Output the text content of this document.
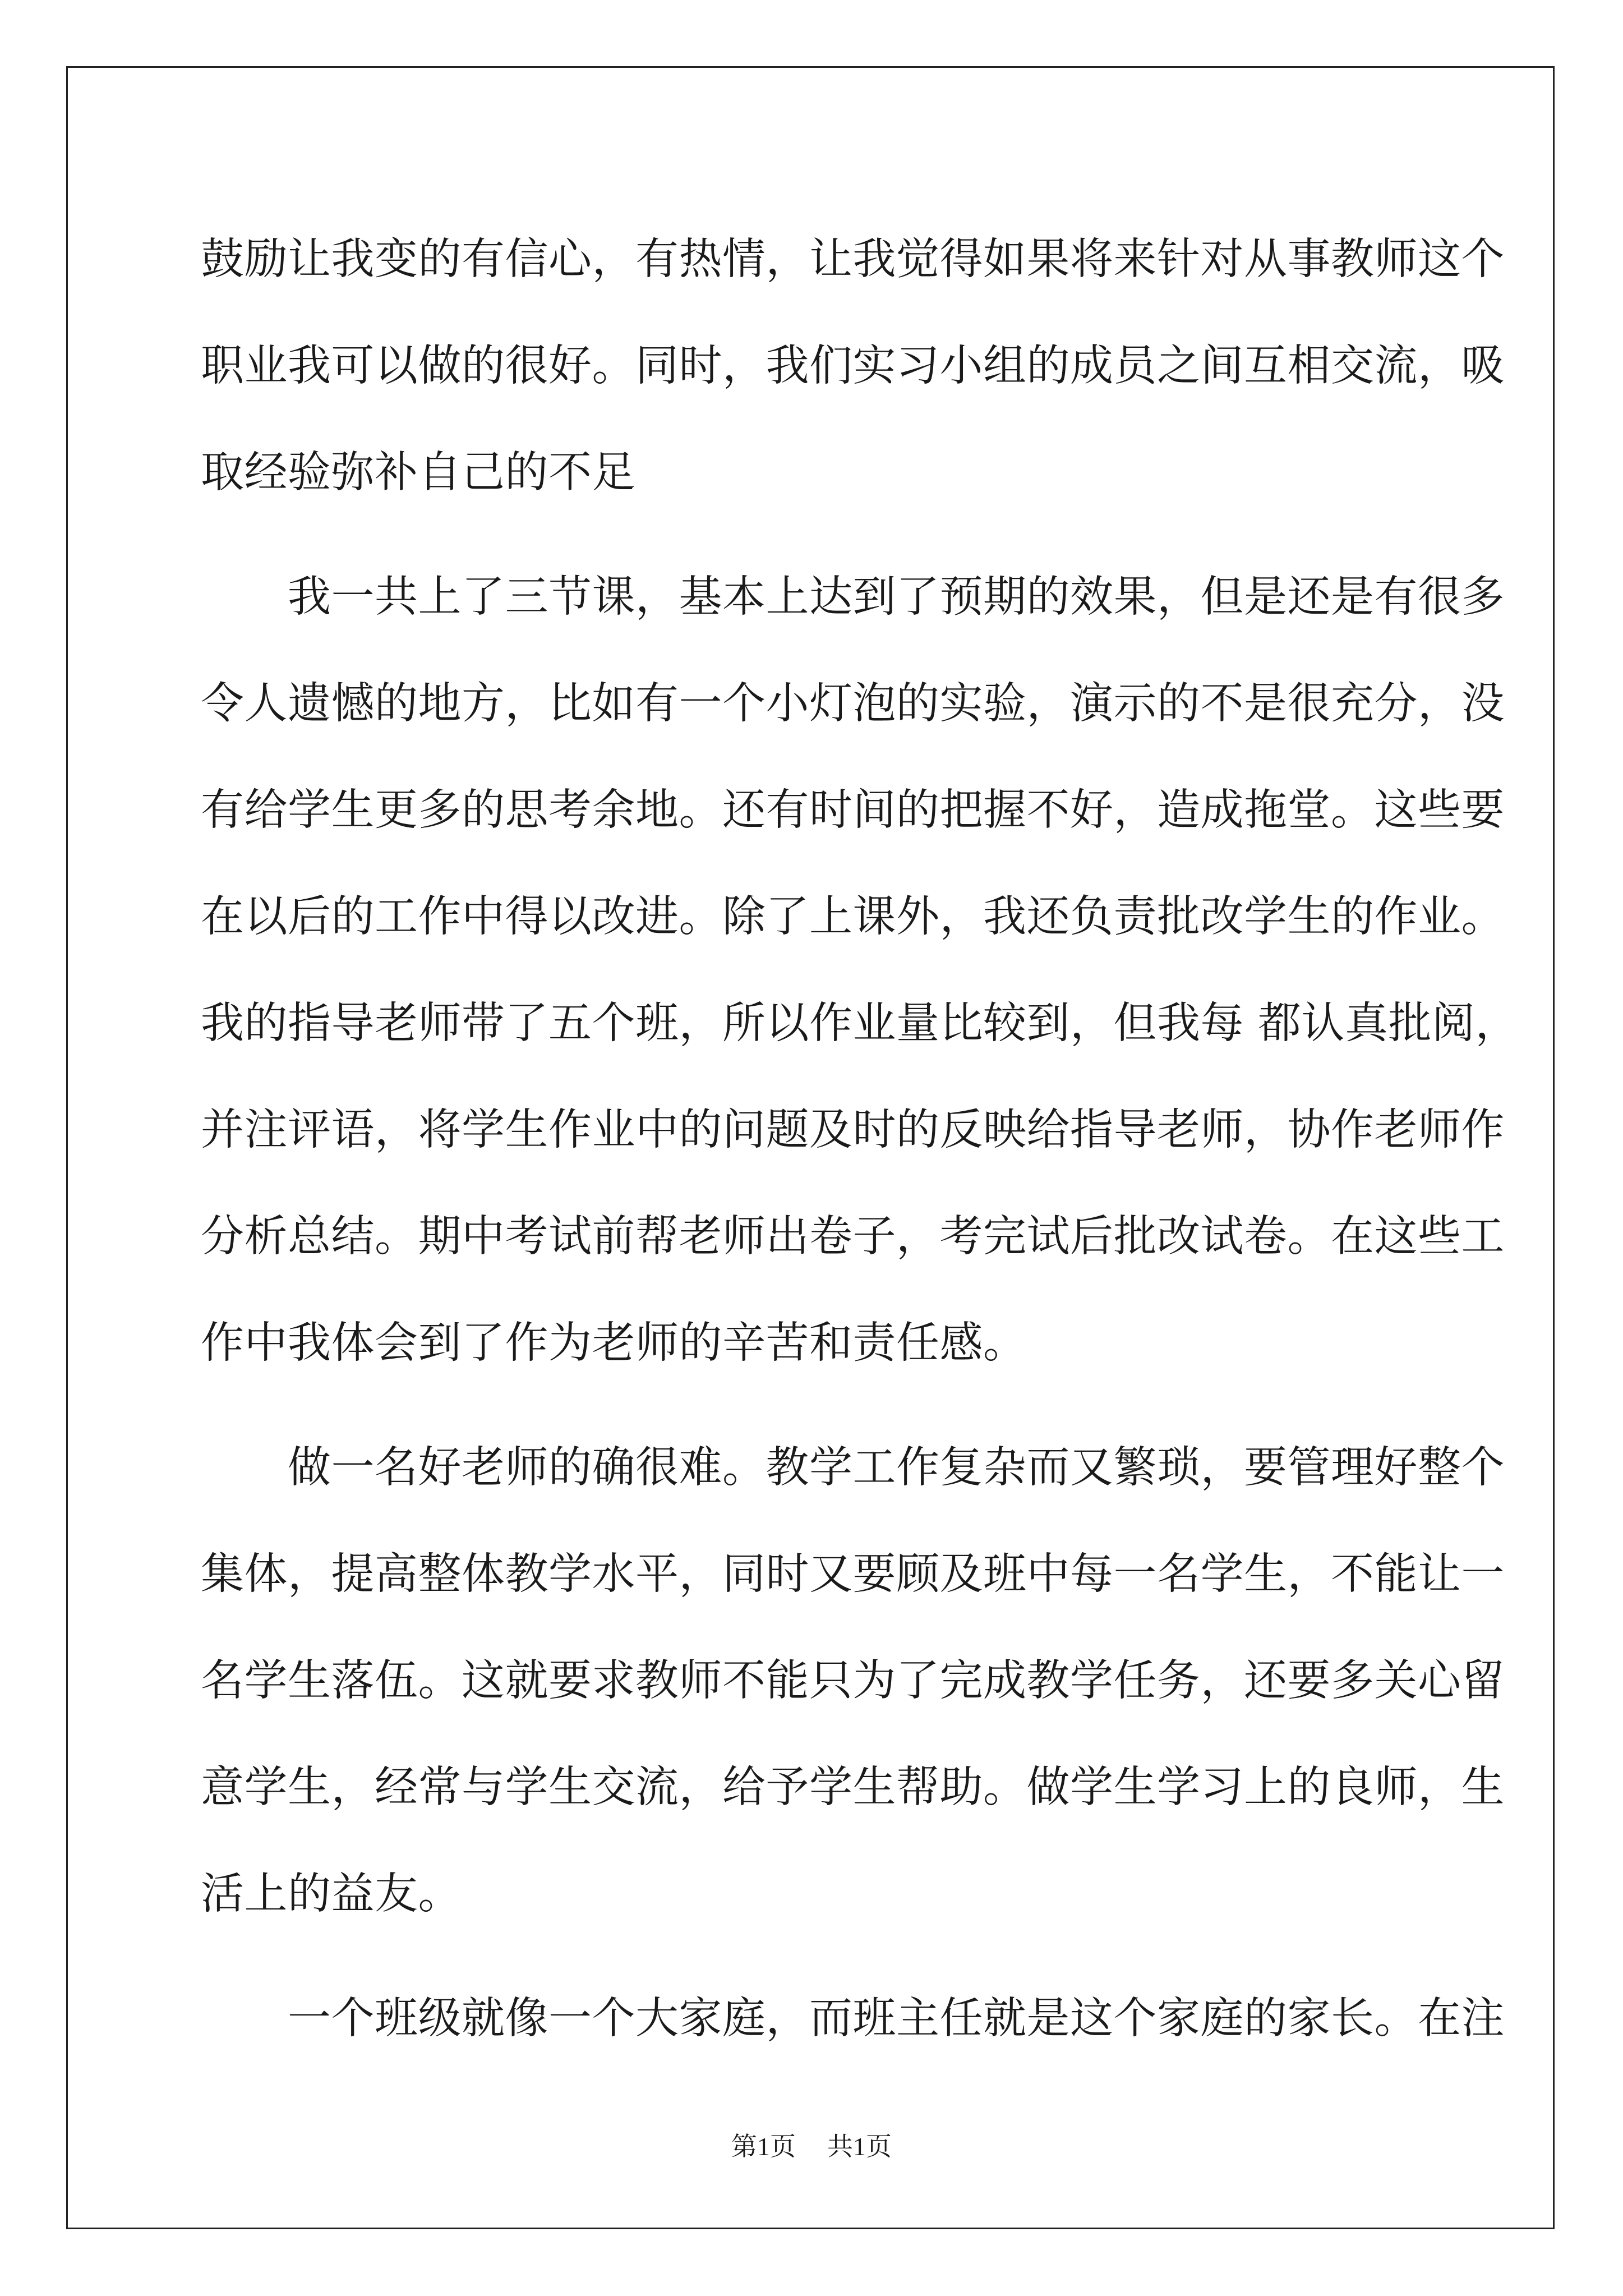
鼓励让我变的有信心，有热情，让我觉得如果将来针对从事教师这个
职业我可以做的很好。同时，我们实习小组的成员之间互相交流，吸
取经验弥补自己的不足
　　我一共上了三节课，基本上达到了预期的效果，但是还是有很多
令人遗憾的地方，比如有一个小灯泡的实验，演示的不是很充分，没
有给学生更多的思考余地。还有时间的把握不好，造成拖堂。这些要
在以后的工作中得以改进。除了上课外，我还负责批改学生的作业。
我的指导老师带了五个班，所以作业量比较到，但我每 都认真批阅，
并注评语，将学生作业中的问题及时的反映给指导老师，协作老师作
分析总结。期中考试前帮老师出卷子，考完试后批改试卷。在这些工
作中我体会到了作为老师的辛苦和责任感。
　　做一名好老师的确很难。教学工作复杂而又繁琐，要管理好整个
集体，提高整体教学水平，同时又要顾及班中每一名学生，不能让一
名学生落伍。这就要求教师不能只为了完成教学任务，还要多关心留
意学生，经常与学生交流，给予学生帮助。做学生学习上的良师，生
活上的益友。
　　一个班级就像一个大家庭，而班主任就是这个家庭的家长。在注
第1页 共1页
